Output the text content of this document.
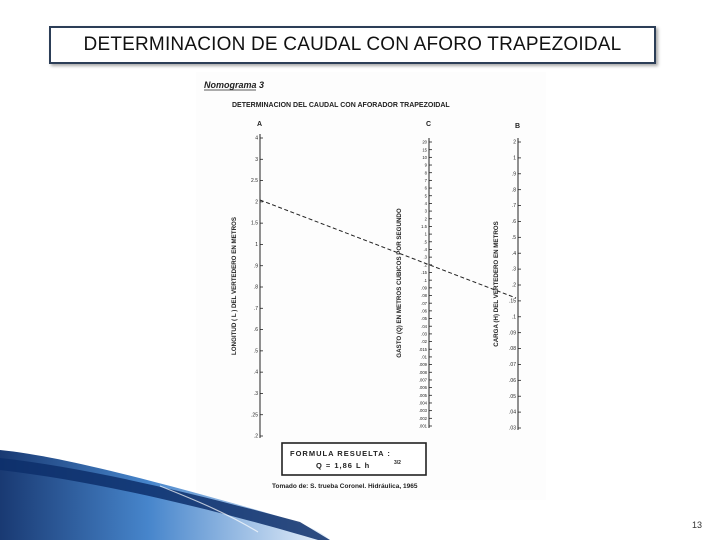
DETERMINACION DE CAUDAL CON AFORO TRAPEZOIDAL
Nomograma 3
DETERMINACION DEL CAUDAL CON AFORADOR TRAPEZOIDAL
A
LONGITUD ( L ) DEL VERTEDERO EN METROS
4
3
2.5
2
1.5
1
.9
.8
.7
.6
.5
.4
.3
.25
.2
C
GASTO (Q) EN METROS CUBICOS POR SEGUNDO
20
15
10
9
8
7
6
5
4
3
2
1.5
1
.5
.4
.3
.2
.15
.1
.09
.08
.07
.06
.05
.04
.03
.02
.015
.01
.009
.008
.007
.006
.005
.004
.003
.002
.001
B
CARGA (H) DEL VERTEDERO EN METROS
2
1
.9
.8
.7
.6
.5
.4
.3
.2
.15
.1
.09
.08
.07
.06
.05
.04
.03
FORMULA RESUELTA :
Q = 1,86 L h	3/2
Tomado de: S. trueba Coronel. Hidráulica, 1965
13
